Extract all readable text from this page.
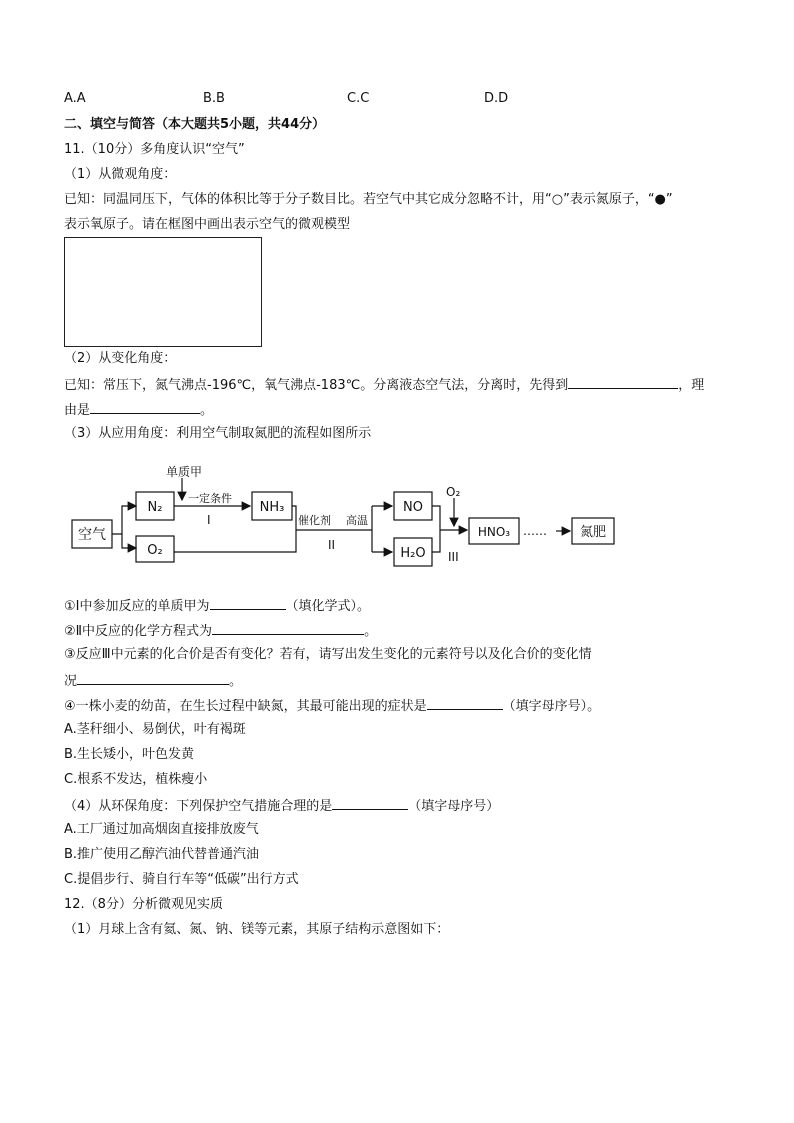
A.A	B.B	C.C	D.D
二、填空与简答（本大题共5小题，共44分）
11.（10分）多角度认识“空气”
（1）从微观角度：
已知：同温同压下，气体的体积比等于分子数目比。若空气中其它成分忽略不计，用“○”表示氮原子，“●”
表示氧原子。请在框图中画出表示空气的微观模型
（2）从变化角度：
已知：常压下，氮气沸点-196℃，氧气沸点-183℃。分离液态空气法，分离时，先得到	，理
由是	。
（3）从应用角度：利用空气制取氮肥的流程如图所示
空气
N₂
O₂
NH₃	NO
H₂O
HNO₃	氮肥
单质甲
一定条件
I	催化剂 高温
II
O₂
III
……
①Ⅰ中参加反应的单质甲为	（填化学式）。
②Ⅱ中反应的化学方程式为	。
③反应Ⅲ中元素的化合价是否有变化？若有，请写出发生变化的元素符号以及化合价的变化情
况	。
④一株小麦的幼苗，在生长过程中缺氮，其最可能出现的症状是	（填字母序号）。
A.茎秆细小、易倒伏，叶有褐斑
B.生长矮小，叶色发黄
C.根系不发达，植株瘦小
（4）从环保角度：下列保护空气措施合理的是	（填字母序号）
A.工厂通过加高烟囱直接排放废气
B.推广使用乙醇汽油代替普通汽油
C.提倡步行、骑自行车等“低碳”出行方式
12.（8分）分析微观见实质
（1）月球上含有氦、氮、钠、镁等元素，其原子结构示意图如下：
